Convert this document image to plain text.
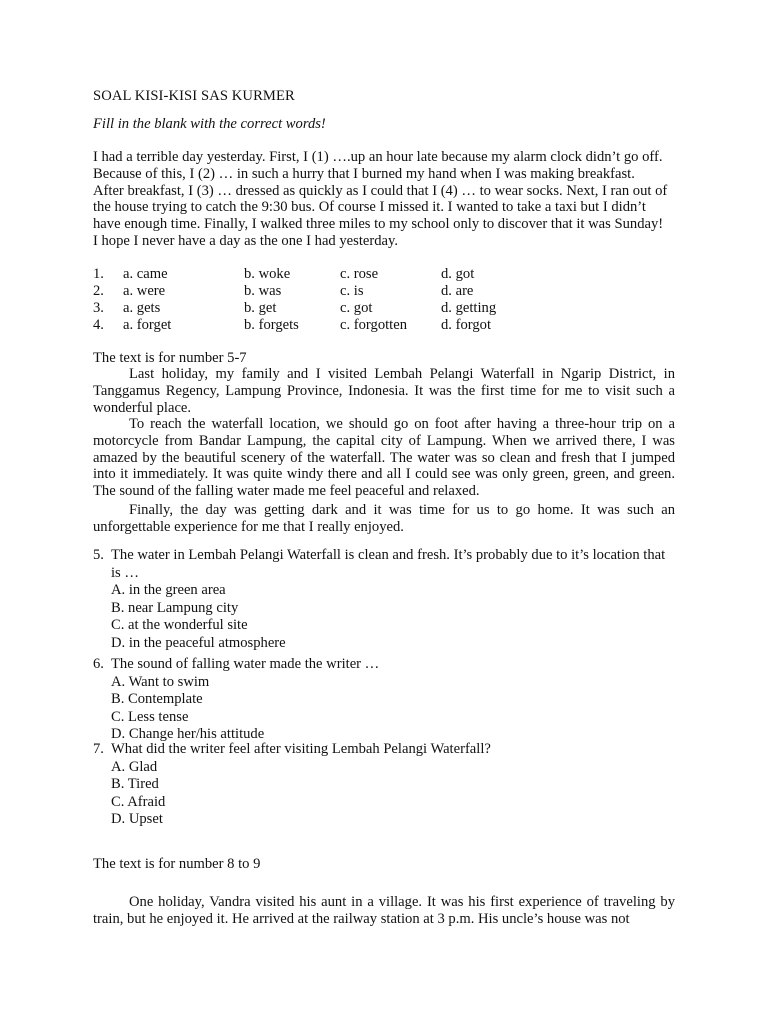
SOAL KISI-KISI SAS KURMER
Fill in the blank with the correct words!
I had a terrible day yesterday. First, I (1) ….up an hour late because my alarm clock didn’t go off. Because of this, I (2) … in such a hurry that I burned my hand when I was making breakfast. After breakfast, I (3) … dressed as quickly as I could that I (4) … to wear socks. Next, I ran out of the house trying to catch the 9:30 bus. Of course I missed it. I wanted to take a taxi but I didn’t have enough time. Finally, I walked three miles to my school only to discover that it was Sunday! I hope I never have a day as the one I had yesterday.
1. a. came	b. woke	c. rose	d. got
2. a. were	b. was	c. is	d. are
3. a. gets	b. get	c. got	d. getting
4. a. forget	b. forgets	c. forgotten d. forgot
The text is for number 5-7
Last holiday, my family and I visited Lembah Pelangi Waterfall in Ngarip District, in Tanggamus Regency, Lampung Province, Indonesia. It was the first time for me to visit such a wonderful place.
To reach the waterfall location, we should go on foot after having a three-hour trip on a motorcycle from Bandar Lampung, the capital city of Lampung. When we arrived there, I was amazed by the beautiful scenery of the waterfall. The water was so clean and fresh that I jumped into it immediately. It was quite windy there and all I could see was only green, green, and green. The sound of the falling water made me feel peaceful and relaxed.
Finally, the day was getting dark and it was time for us to go home. It was such an unforgettable experience for me that I really enjoyed.
5. The water in Lembah Pelangi Waterfall is clean and fresh. It’s probably due to it’s location that is …
A. in the green area
B. near Lampung city
C. at the wonderful site
D. in the peaceful atmosphere
6. The sound of falling water made the writer …
A. Want to swim
B. Contemplate
C. Less tense
D. Change her/his attitude
7. What did the writer feel after visiting Lembah Pelangi Waterfall?
A. Glad
B. Tired
C. Afraid
D. Upset
The text is for number 8 to 9
One holiday, Vandra visited his aunt in a village. It was his first experience of traveling by train, but he enjoyed it. He arrived at the railway station at 3 p.m. His uncle’s house was not
